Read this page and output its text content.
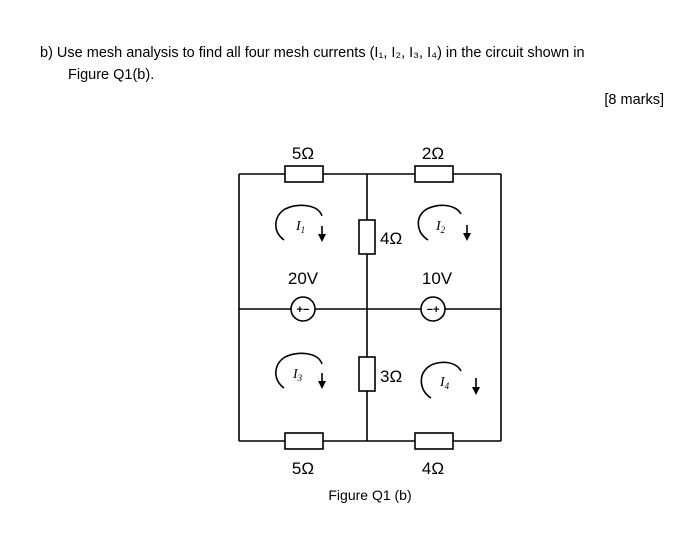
b) Use mesh analysis to find all four mesh currents (I₁, I₂, I₃, I₄) in the circuit shown in
Figure Q1(b).
[8 marks]
+−	−+
5Ω	2Ω
4Ω
3Ω
5Ω	4Ω
20V	10V
$I_1$	$I_2$
$I_3$	$I_4$
Figure Q1 (b)
